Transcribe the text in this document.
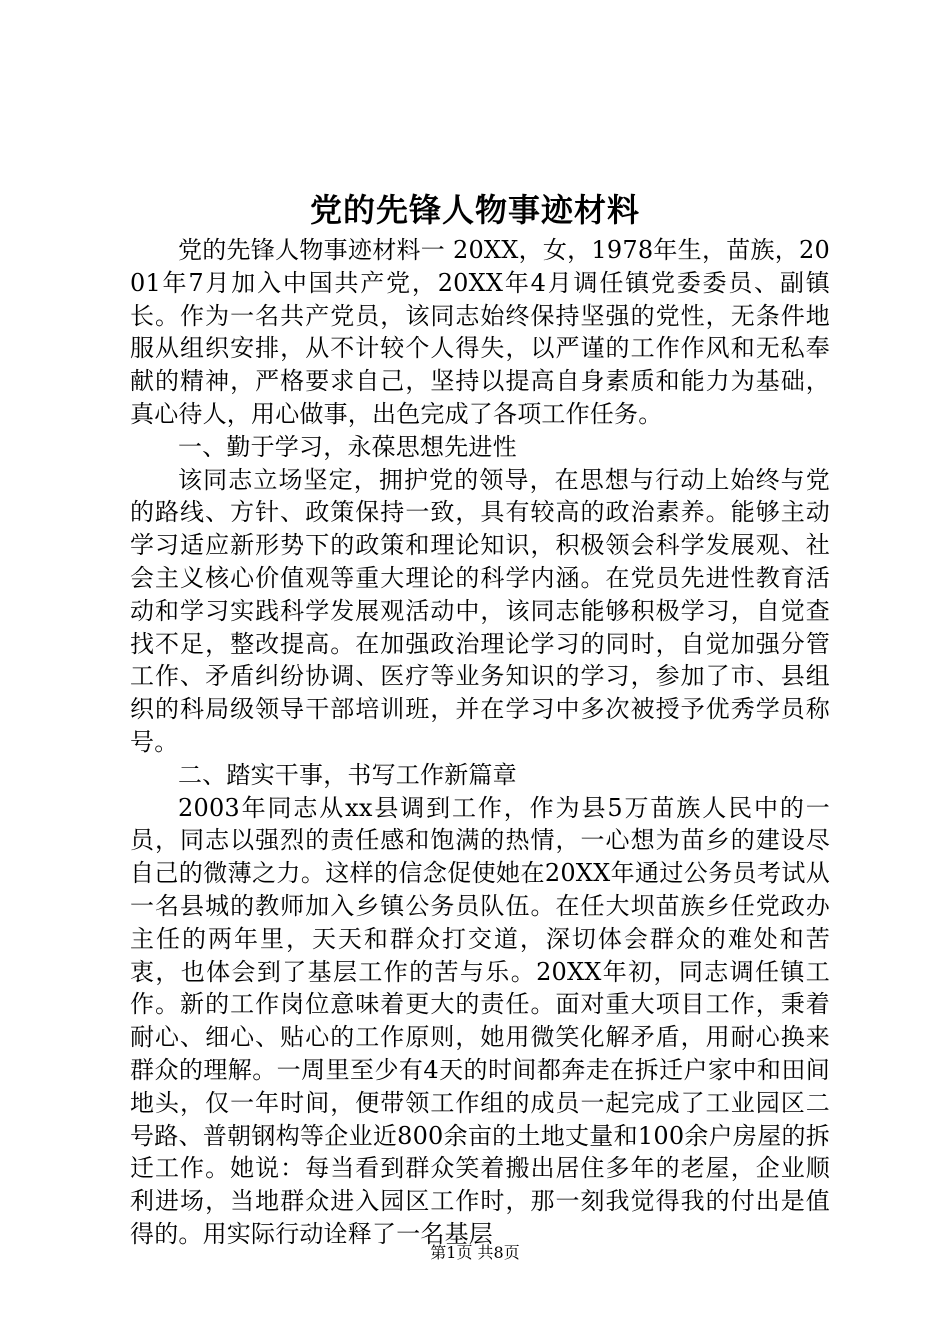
党的先锋人物事迹材料

党的先锋人物事迹材料一 20XX，女，1978年生，苗族，2001年7月加入中国共产党，20XX年4月调任镇党委委员、副镇长。作为一名共产党员，该同志始终保持坚强的党性，无条件地服从组织安排，从不计较个人得失，以严谨的工作作风和无私奉献的精神，严格要求自己，坚持以提高自身素质和能力为基础，真心待人，用心做事，出色完成了各项工作任务。

一、勤于学习，永葆思想先进性

该同志立场坚定，拥护党的领导，在思想与行动上始终与党的路线、方针、政策保持一致，具有较高的政治素养。能够主动学习适应新形势下的政策和理论知识，积极领会科学发展观、社会主义核心价值观等重大理论的科学内涵。在党员先进性教育活动和学习实践科学发展观活动中，该同志能够积极学习，自觉查找不足，整改提高。在加强政治理论学习的同时，自觉加强分管工作、矛盾纠纷协调、医疗等业务知识的学习，参加了市、县组织的科局级领导干部培训班，并在学习中多次被授予优秀学员称号。

二、踏实干事，书写工作新篇章

2003年同志从xx县调到工作，作为县5万苗族人民中的一员，同志以强烈的责任感和饱满的热情，一心想为苗乡的建设尽自己的微薄之力。这样的信念促使她在20XX年通过公务员考试从一名县城的教师加入乡镇公务员队伍。在任大坝苗族乡任党政办主任的两年里，天天和群众打交道，深切体会群众的难处和苦衷，也体会到了基层工作的苦与乐。20XX年初，同志调任镇工作。新的工作岗位意味着更大的责任。面对重大项目工作，秉着耐心、细心、贴心的工作原则，她用微笑化解矛盾，用耐心换来群众的理解。一周里至少有4天的时间都奔走在拆迁户家中和田间地头，仅一年时间，便带领工作组的成员一起完成了工业园区二号路、普朝钢构等企业近800余亩的土地丈量和100余户房屋的拆迁工作。她说：每当看到群众笑着搬出居住多年的老屋，企业顺利进场，当地群众进入园区工作时，那一刻我觉得我的付出是值得的。用实际行动诠释了一名基层

第1页 共8页
